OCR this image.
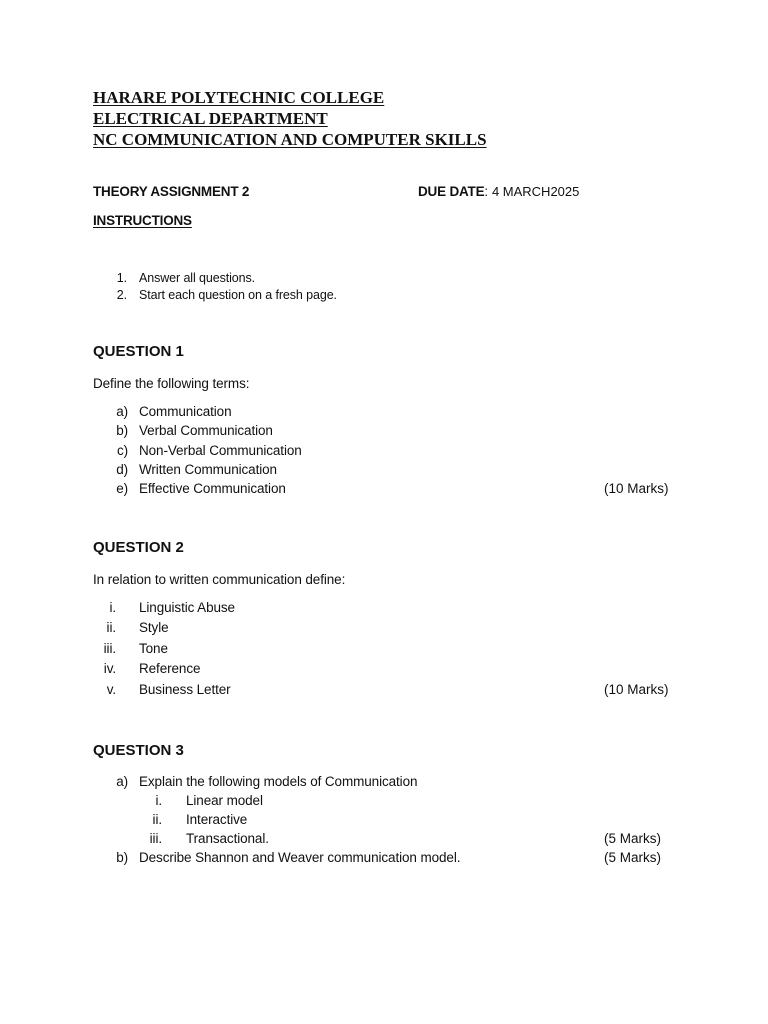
HARARE POLYTECHNIC COLLEGE
ELECTRICAL DEPARTMENT
NC COMMUNICATION AND COMPUTER SKILLS
THEORY ASSIGNMENT 2	DUE DATE: 4 MARCH2025
INSTRUCTIONS
1. Answer all questions.
2. Start each question on a fresh page.
QUESTION 1
Define the following terms:
a) Communication
b) Verbal Communication
c) Non-Verbal Communication
d) Written Communication
e) Effective Communication	(10 Marks)
QUESTION 2
In relation to written communication define:
i. Linguistic Abuse
ii. Style
iii. Tone
iv. Reference
v. Business Letter	(10 Marks)
QUESTION 3
a) Explain the following models of Communication
i. Linear model
ii. Interactive
iii. Transactional.	(5 Marks)
b) Describe Shannon and Weaver communication model.	(5 Marks)
